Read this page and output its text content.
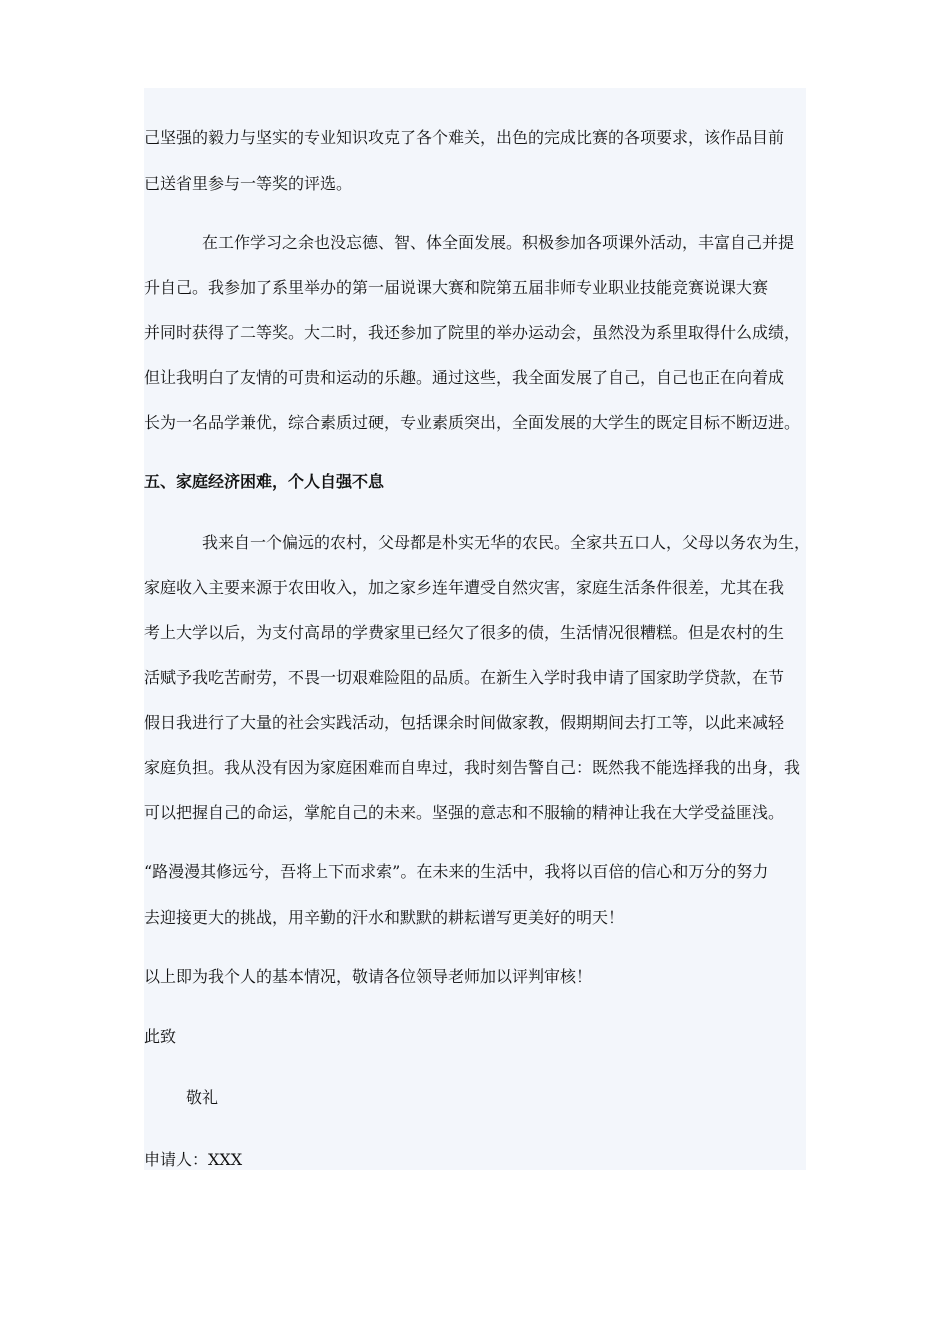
己坚强的毅力与坚实的专业知识攻克了各个难关，出色的完成比赛的各项要求，该作品目前
已送省里参与一等奖的评选。
在工作学习之余也没忘德、智、体全面发展。积极参加各项课外活动，丰富自己并提
升自己。我参加了系里举办的第一届说课大赛和院第五届非师专业职业技能竞赛说课大赛
并同时获得了二等奖。大二时，我还参加了院里的举办运动会，虽然没为系里取得什么成绩，
但让我明白了友情的可贵和运动的乐趣。通过这些，我全面发展了自己，自己也正在向着成
长为一名品学兼优，综合素质过硬，专业素质突出，全面发展的大学生的既定目标不断迈进。
五、家庭经济困难，个人自强不息
我来自一个偏远的农村，父母都是朴实无华的农民。全家共五口人，父母以务农为生，
家庭收入主要来源于农田收入，加之家乡连年遭受自然灾害，家庭生活条件很差，尤其在我
考上大学以后，为支付高昂的学费家里已经欠了很多的债，生活情况很糟糕。但是农村的生
活赋予我吃苦耐劳，不畏一切艰难险阻的品质。在新生入学时我申请了国家助学贷款，在节
假日我进行了大量的社会实践活动，包括课余时间做家教，假期期间去打工等，以此来减轻
家庭负担。我从没有因为家庭困难而自卑过，我时刻告警自己：既然我不能选择我的出身，我
可以把握自己的命运，掌舵自己的未来。坚强的意志和不服输的精神让我在大学受益匪浅。
“路漫漫其修远兮，吾将上下而求索”。在未来的生活中，我将以百倍的信心和万分的努力
去迎接更大的挑战，用辛勤的汗水和默默的耕耘谱写更美好的明天！
以上即为我个人的基本情况，敬请各位领导老师加以评判审核！
此致
敬礼
申请人：XXX
